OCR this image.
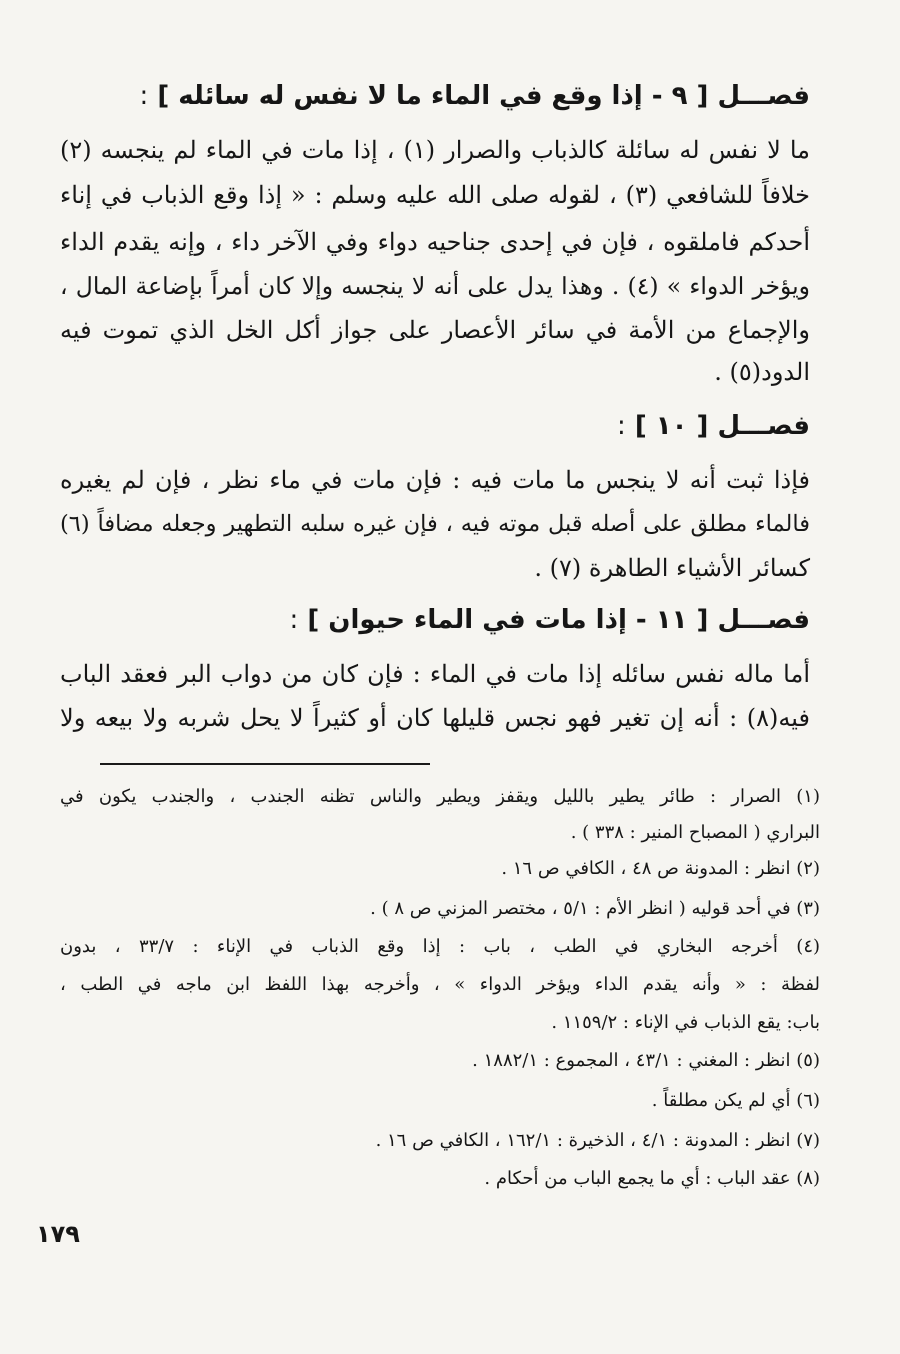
فصـــل [ ٩ - إذا وقع في الماء ما لا نفس له سائله ] :
ما لا نفس له سائلة كالذباب والصرار (١) ، إذا مات في الماء لم ينجسه (٢)
خلافاً للشافعي (٣) ، لقوله صلى الله عليه وسلم : « إذا وقع الذباب في إناء
أحدكم فاملقوه ، فإن في إحدى جناحيه دواء وفي الآخر داء ، وإنه يقدم الداء
ويؤخر الدواء » (٤) . وهذا يدل على أنه لا ينجسه وإلا كان أمراً بإضاعة المال ،
والإجماع من الأمة في سائر الأعصار على جواز أكل الخل الذي تموت فيه
الدود(٥) .
فصـــل [ ١٠ ] :
فإذا ثبت أنه لا ينجس ما مات فيه : فإن مات في ماء نظر ، فإن لم يغيره
فالماء مطلق على أصله قبل موته فيه ، فإن غيره سلبه التطهير وجعله مضافاً (٦)
كسائر الأشياء الطاهرة (٧) .
فصـــل [ ١١ - إذا مات في الماء حيوان ] :
أما ماله نفس سائله إذا مات في الماء : فإن كان من دواب البر فعقد الباب
فيه(٨) : أنه إن تغير فهو نجس قليلها كان أو كثيراً لا يحل شربه ولا بيعه ولا
(١) الصرار : طائر يطير بالليل ويقفز ويطير والناس تظنه الجندب ، والجندب يكون في
البراري ( المصباح المنير : ٣٣٨ ) .
(٢) انظر : المدونة ص ٤٨ ، الكافي ص ١٦ .
(٣) في أحد قوليه ( انظر الأم : ٥/١ ، مختصر المزني ص ٨ ) .
(٤) أخرجه البخاري في الطب ، باب : إذا وقع الذباب في الإناء : ٣٣/٧ ، بدون
لفظة : « وأنه يقدم الداء ويؤخر الدواء » ، وأخرجه بهذا اللفظ ابن ماجه في الطب ،
باب: يقع الذباب في الإناء : ١١٥٩/٢ .
(٥) انظر : المغني : ٤٣/١ ، المجموع : ١٨٨٢/١ .
(٦) أي لم يكن مطلقاً .
(٧) انظر : المدونة : ٤/١ ، الذخيرة : ١٦٢/١ ، الكافي ص ١٦ .
(٨) عقد الباب : أي ما يجمع الباب من أحكام .
١٧٩
